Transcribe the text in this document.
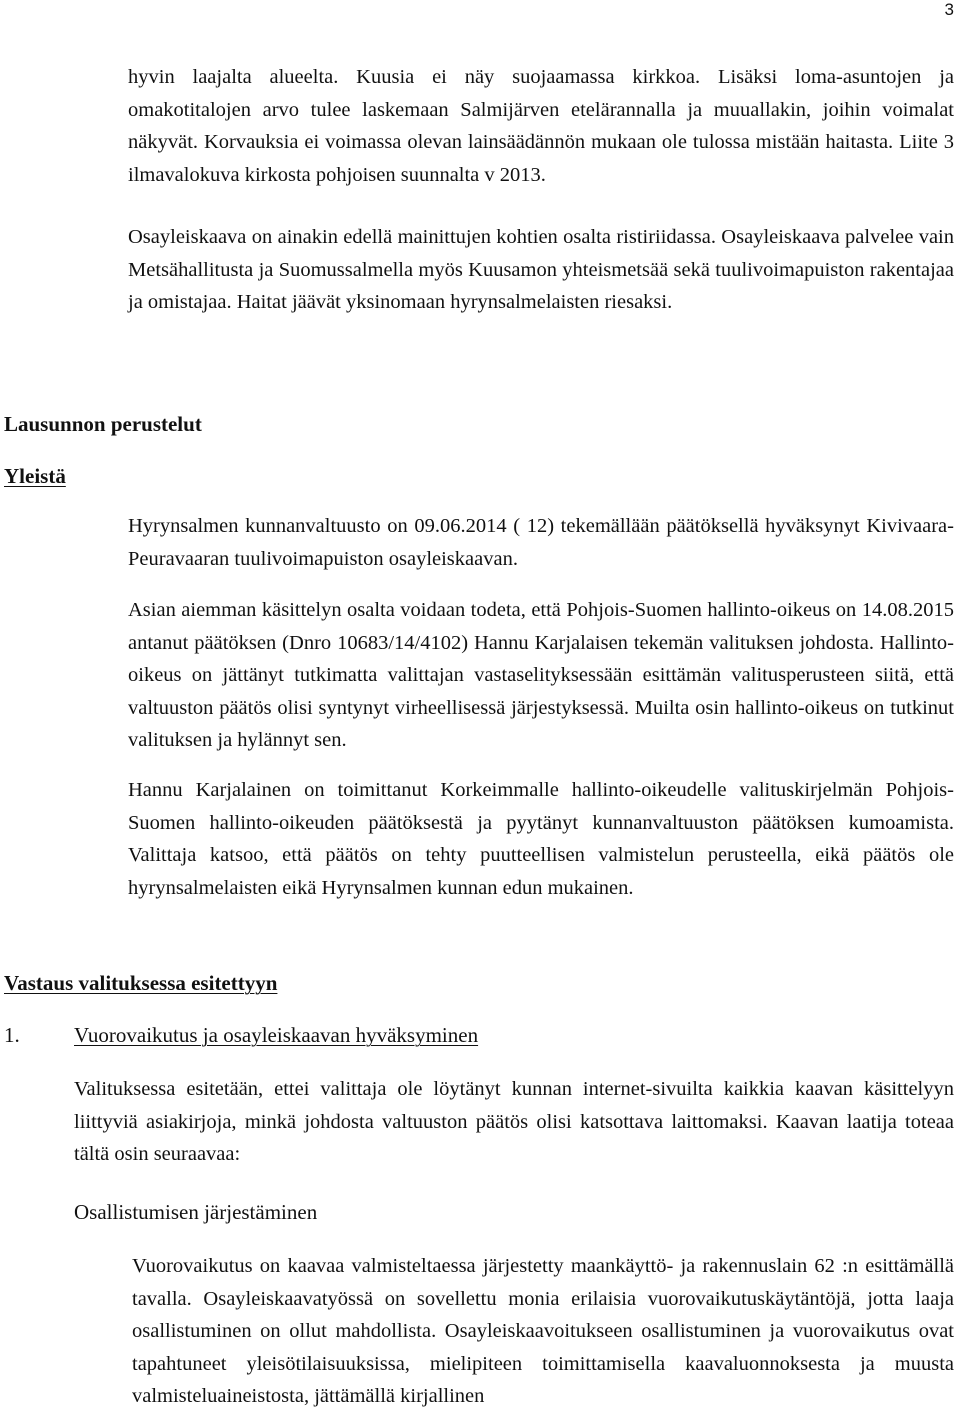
3

hyvin laajalta alueelta. Kuusia ei näy suojaamassa kirkkoa. Lisäksi loma-asuntojen ja omakotitalojen arvo tulee laskemaan Salmijärven etelärannalla ja muuallakin, joihin voimalat näkyvät. Korvauksia ei voimassa olevan lainsäädännön mukaan ole tulossa mistään haitasta. Liite 3 ilmavalokuva kirkosta pohjoisen suunnalta v 2013.

Osayleiskaava on ainakin edellä mainittujen kohtien osalta ristiriidassa. Osayleiskaava palvelee vain Metsähallitusta ja Suomussalmella myös Kuusamon yhteismetsää sekä tuulivoimapuiston rakentajaa ja omistajaa. Haitat jäävät yksinomaan hyrynsalmelaisten riesaksi.

Lausunnon perustelut
Yleistä

Hyrynsalmen kunnanvaltuusto on 09.06.2014 ( 12) tekemällään päätöksellä hyväksynyt Kivivaara-Peuravaaran tuulivoimapuiston osayleiskaavan.

Asian aiemman käsittelyn osalta voidaan todeta, että Pohjois-Suomen hallinto-oikeus on 14.08.2015 antanut päätöksen (Dnro 10683/14/4102) Hannu Karjalaisen tekemän valituksen johdosta. Hallinto-oikeus on jättänyt tutkimatta valittajan vastaselityksessään esittämän valitusperusteen siitä, että valtuuston päätös olisi syntynyt virheellisessä järjestyksessä. Muilta osin hallinto-oikeus on tutkinut valituksen ja hylännyt sen.

Hannu Karjalainen on toimittanut Korkeimmalle hallinto-oikeudelle valituskirjelmän Pohjois-Suomen hallinto-oikeuden päätöksestä ja pyytänyt kunnanvaltuuston päätöksen kumoamista. Valittaja katsoo, että päätös on tehty puutteellisen valmistelun perusteella, eikä päätös ole hyrynsalmelaisten eikä Hyrynsalmen kunnan edun mukainen.

Vastaus valituksessa esitettyyn
1.	Vuorovaikutus ja osayleiskaavan hyväksyminen

Valituksessa esitetään, ettei valittaja ole löytänyt kunnan internet-sivuilta kaikkia kaavan käsittelyyn liittyviä asiakirjoja, minkä johdosta valtuuston päätös olisi katsottava laittomaksi. Kaavan laatija toteaa tältä osin seuraavaa:

Osallistumisen järjestäminen

Vuorovaikutus on kaavaa valmisteltaessa järjestetty maankäyttö- ja rakennuslain 62 :n esittämällä tavalla. Osayleiskaavatyössä on sovellettu monia erilaisia vuorovaikutuskäytäntöjä, jotta laaja osallistuminen on ollut mahdollista. Osayleiskaavoitukseen osallistuminen ja vuorovaikutus ovat tapahtuneet yleisötilaisuuksissa, mielipiteen toimittamisella kaavaluonnoksesta ja muusta valmisteluaineistosta, jättämällä kirjallinen
